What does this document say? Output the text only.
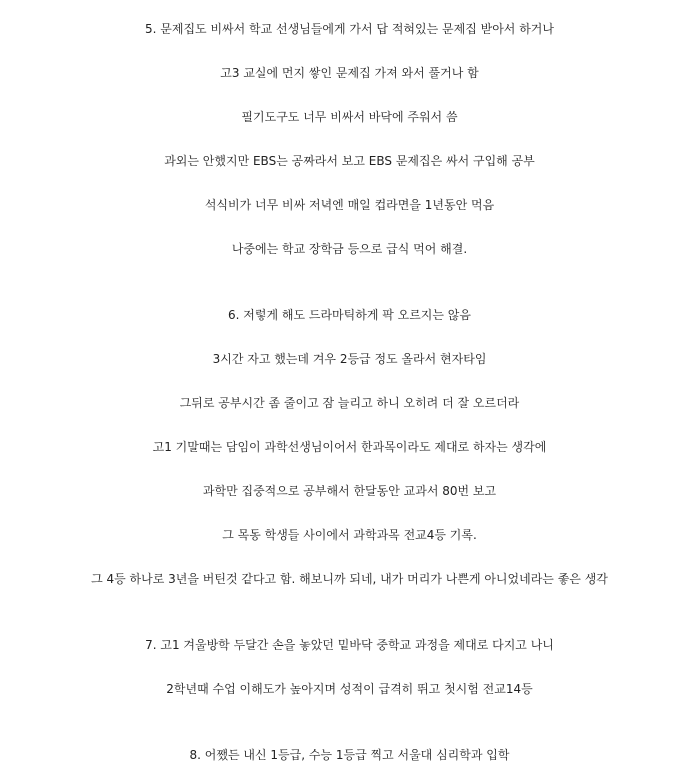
5. 문제집도 비싸서 학교 선생님들에게 가서 답 적혀있는 문제집 받아서 하거나
고3 교실에 먼지 쌓인 문제집 가져 와서 풀거나 함
필기도구도 너무 비싸서 바닥에 주워서 씀
과외는 안했지만 EBS는 공짜라서 보고 EBS 문제집은 싸서 구입해 공부
석식비가 너무 비싸 저녁엔 매일 컵라면을 1년동안 먹음
나중에는 학교 장학금 등으로 급식 먹어 해결.
6. 저렇게 해도 드라마틱하게 팍 오르지는 않음
3시간 자고 했는데 겨우 2등급 정도 올라서 현자타임
그뒤로 공부시간 좀 줄이고 잠 늘리고 하니 오히려 더 잘 오르더라
고1 기말때는 담임이 과학선생님이어서 한과목이라도 제대로 하자는 생각에
과학만 집중적으로 공부해서 한달동안 교과서 80번 보고
그 목동 학생들 사이에서 과학과목 전교4등 기록.
그 4등 하나로 3년을 버틴것 같다고 함. 해보니까 되네, 내가 머리가 나쁜게 아니었네라는 좋은 생각
7. 고1 겨울방학 두달간 손을 놓았던 밑바닥 중학교 과정을 제대로 다지고 나니
2학년때 수업 이해도가 높아지며 성적이 급격히 뛰고 첫시험 전교14등
8. 어쨌든 내신 1등급, 수능 1등급 찍고 서울대 심리학과 입학
